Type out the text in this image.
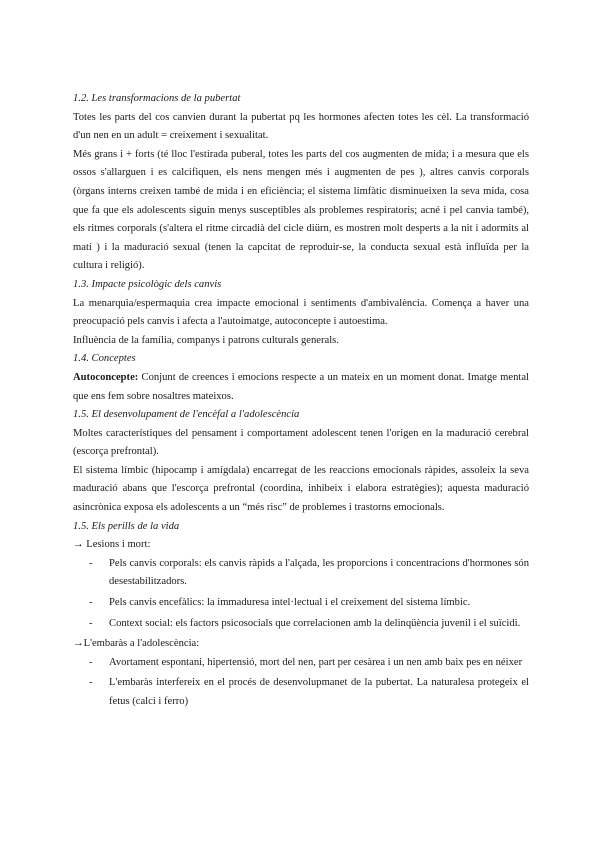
1.2. Les transformacions de la pubertat

Totes les parts del cos canvien durant la pubertat pq les hormones afecten totes les cèl. La transformació d'un nen en un adult = creixement i sexualitat.

Més grans i + forts (té lloc l'estirada puberal, totes les parts del cos augmenten de mida; i a mesura que els ossos s'allarguen i es calcifiquen, els nens mengen més i augmenten de pes ), altres canvis corporals (òrgans interns creixen també de mida i en eficiència; el sistema limfàtic disminueixen la seva mida, cosa que fa que els adolescents siguin menys susceptibles als problemes respiratoris; acné i pel canvia també), els ritmes corporals (s'altera el ritme circadià del cicle diürn, es mostren molt desperts a la nit i adormits al matí ) i la maduració sexual (tenen la capcitat de reproduir-se, la conducta sexual està influïda per la cultura i religió).

1.3. Impacte psicològic dels canvis

La menarquia/espermaquia crea impacte emocional i sentiments d'ambivalència. Comença a haver una preocupació pels canvis i afecta a l'autoimatge, autoconcepte i autoestima.

Influència de la família, companys i patrons culturals generals.

1.4. Conceptes

Autoconcepte: Conjunt de creences i emocions respecte a un mateix en un moment donat. Imatge mental que ens fem sobre nosaltres mateixos.

1.5. El desenvolupament de l'encèfal a l'adolescència

Moltes característiques del pensament i comportament adolescent tenen l'origen en la maduració cerebral (escorça prefrontal).

El sistema límbic (hipocamp i amígdala) encarregat de les reaccions emocionals ràpides, assoleix la seva maduració abans que l'escorça prefrontal (coordina, inhibeix i elabora estratègies); aquesta maduració asincrònica exposa els adolescents a un “més risc” de problemes i trastorns emocionals.

1.5. Els perills de la vida

→ Lesions i mort:

- Pels canvis corporals: els canvis ràpids a l'alçada, les proporcions i concentracions d'hormones són desestabilitzadors.
- Pels canvis encefàlics: la immaduresa intel·lectual i el creixement del sistema límbic.
- Context social: els factors psicosocials que correlacionen amb la delinqüència juvenil i el suïcidi.

→L'embaràs a l'adolescència:

- Avortament espontani, hipertensió, mort del nen, part per cesàrea i un nen amb baix pes en néixer
- L'embaràs interfereix en el procés de desenvolupmanet de la pubertat. La naturalesa protegeix el fetus (calci i ferro)
